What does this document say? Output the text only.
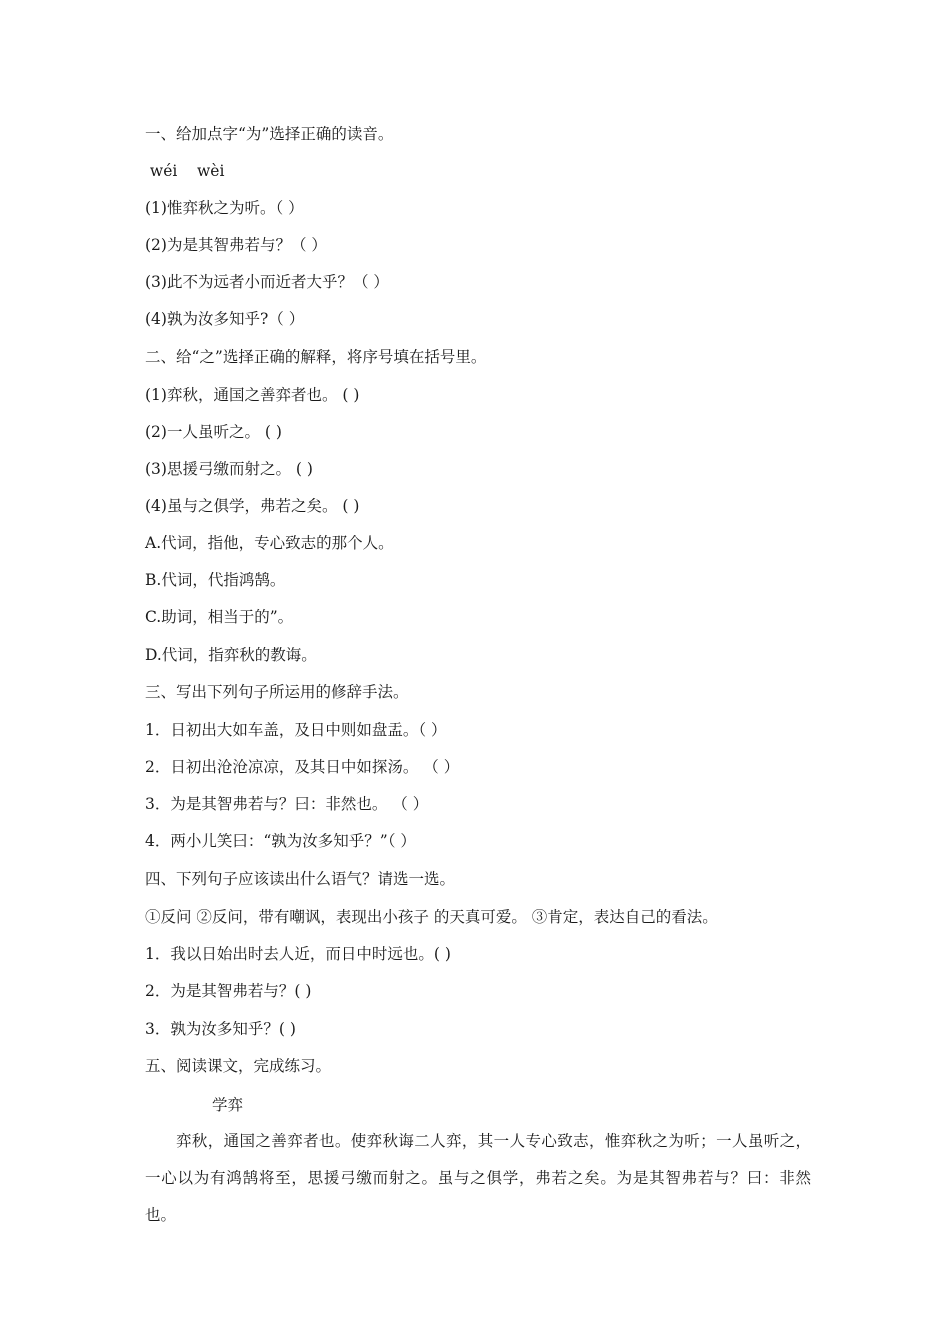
一、给加点字“为”选择正确的读音。
wéi    wèi
(1)惟弈秋之为听。（ ）
(2)为是其智弗若与？（ ）
(3)此不为远者小而近者大乎？（ ）
(4)孰为汝多知乎?（ ）
二、给“之”选择正确的解释，将序号填在括号里。
(1)弈秋，通国之善弈者也。 ( )
(2)一人虽听之。 ( )
(3)思援弓缴而射之。 ( )
(4)虽与之俱学，弗若之矣。 ( )
A.代词，指他，专心致志的那个人。
B.代词，代指鸿鹄。
C.助词，相当于的”。
D.代词，指弈秋的教诲。
三、写出下列句子所运用的修辞手法。
1．日初出大如车盖，及日中则如盘盂。（ ）
2．日初出沧沧凉凉，及其日中如探汤。 （ ）
3．为是其智弗若与？曰：非然也。 （ ）
4．两小儿笑曰：“孰为汝多知乎？”（ ）
四、下列句子应该读出什么语气？请选一选。
①反问 ②反问，带有嘲讽，表现出小孩子 的天真可爱。 ③肯定，表达自己的看法。
1．我以日始出时去人近，而日中时远也。( )
2．为是其智弗若与？( )
3．孰为汝多知乎？( )
五、阅读课文，完成练习。
学弈
弈秋，通国之善弈者也。使弈秋诲二人弈，其一人专心致志，惟弈秋之为听；一人虽听之，一心以为有鸿鹄将至，思援弓缴而射之。虽与之俱学，弗若之矣。为是其智弗若与？曰：非然也。
